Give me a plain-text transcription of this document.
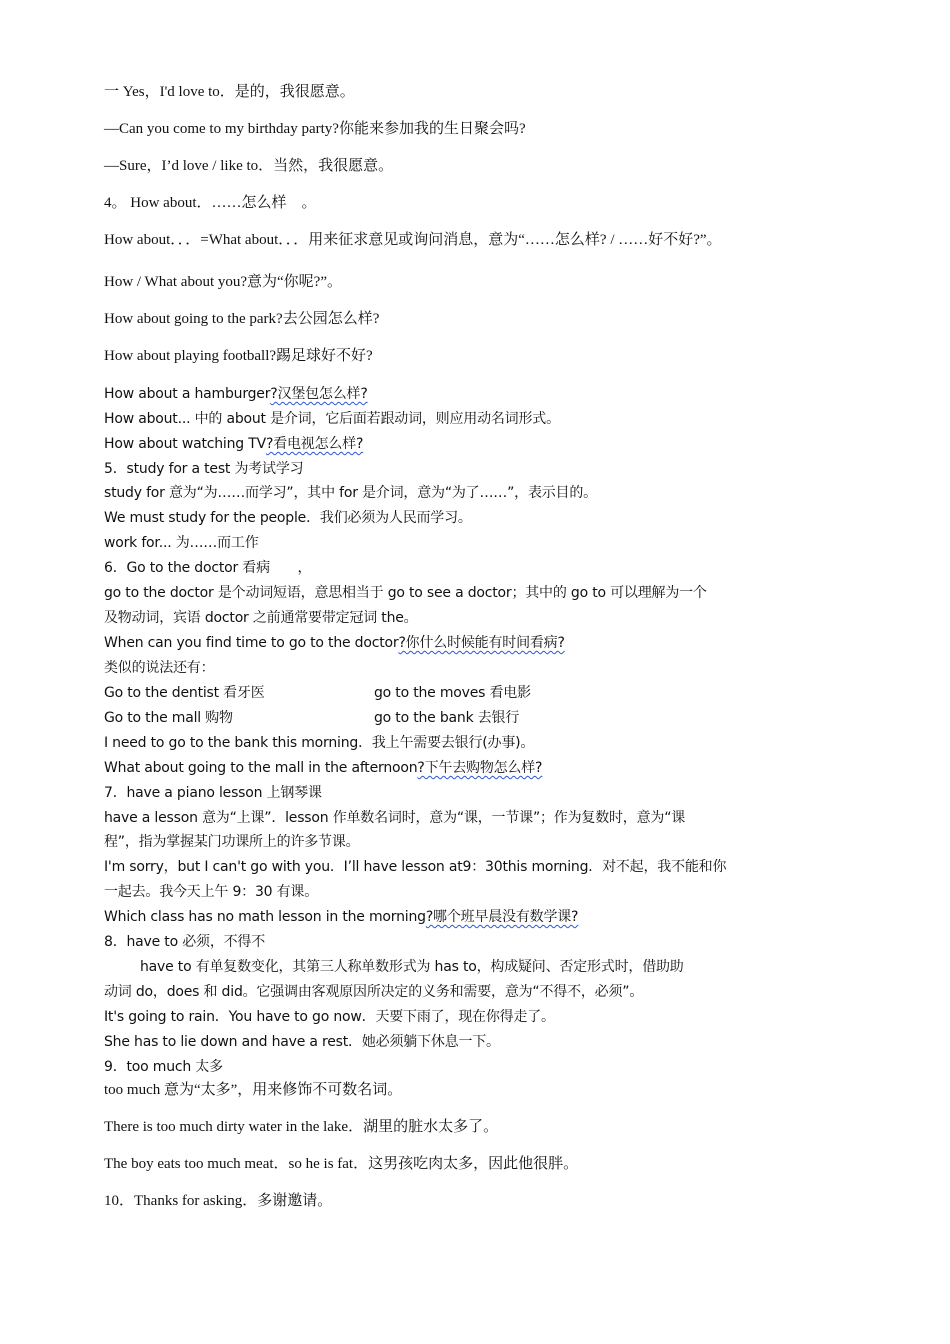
一 Yes，I'd love to．是的，我很愿意。
—Can you come to my birthday party?你能来参加我的生日聚会吗?
—Sure，I’d love / like to．当然，我很愿意。
4。 How about．……怎么样　。
How about．．．=What about．．．用来征求意见或询问消息，意为“……怎么样? / ……好不好?”。
How / What about you?意为“你呢?”。
How about going to the park?去公园怎么样?
How about playing football?踢足球好不好?
How about a hamburger?汉堡包怎么样?
How about... 中的 about 是介词，它后面若跟动词，则应用动名词形式。
How about watching TV?看电视怎么样?
5．study for a test 为考试学习
study for 意为“为……而学习”，其中 for 是介词，意为“为了……”，表示目的。
We must study for the people．我们必须为人民而学习。
work for... 为……而工作
6．Go to the doctor 看病　　，
go to the doctor 是个动词短语，意思相当于 go to see a doctor；其中的 go to 可以理解为一个
及物动词，宾语 doctor 之前通常要带定冠词 the。
When can you find time to go to the doctor?你什么时候能有时间看病?
类似的说法还有：
Go to the dentist 看牙医	go to the moves 看电影
Go to the mall 购物	go to the bank 去银行
I need to go to the bank this morning．我上午需要去银行(办事)。
What about going to the mall in the afternoon?下午去购物怎么样?
7．have a piano lesson 上钢琴课
have a lesson 意为“上课”．lesson 作单数名词时，意为“课，一节课”；作为复数时，意为“课
程”，指为掌握某门功课所上的许多节课。
I'm sorry，but I can't go with you．I’ll have lesson at9：30this morning．对不起，我不能和你
一起去。我今天上午 9：30 有课。
Which class has no math lesson in the morning?哪个班早晨没有数学课?
8．have to 必须，不得不
have to 有单复数变化，其第三人称单数形式为 has to，构成疑问、否定形式时，借助助
动词 do，does 和 did。它强调由客观原因所决定的义务和需要，意为“不得不，必须”。
It's going to rain．You have to go now．天要下雨了，现在你得走了。
She has to lie down and have a rest．她必须躺下休息一下。
9．too much 太多
too much 意为“太多”，用来修饰不可数名词。
There is too much dirty water in the lake．湖里的脏水太多了。
The boy eats too much meat．so he is fat．这男孩吃肉太多，因此他很胖。
10．Thanks for asking．多谢邀请。
